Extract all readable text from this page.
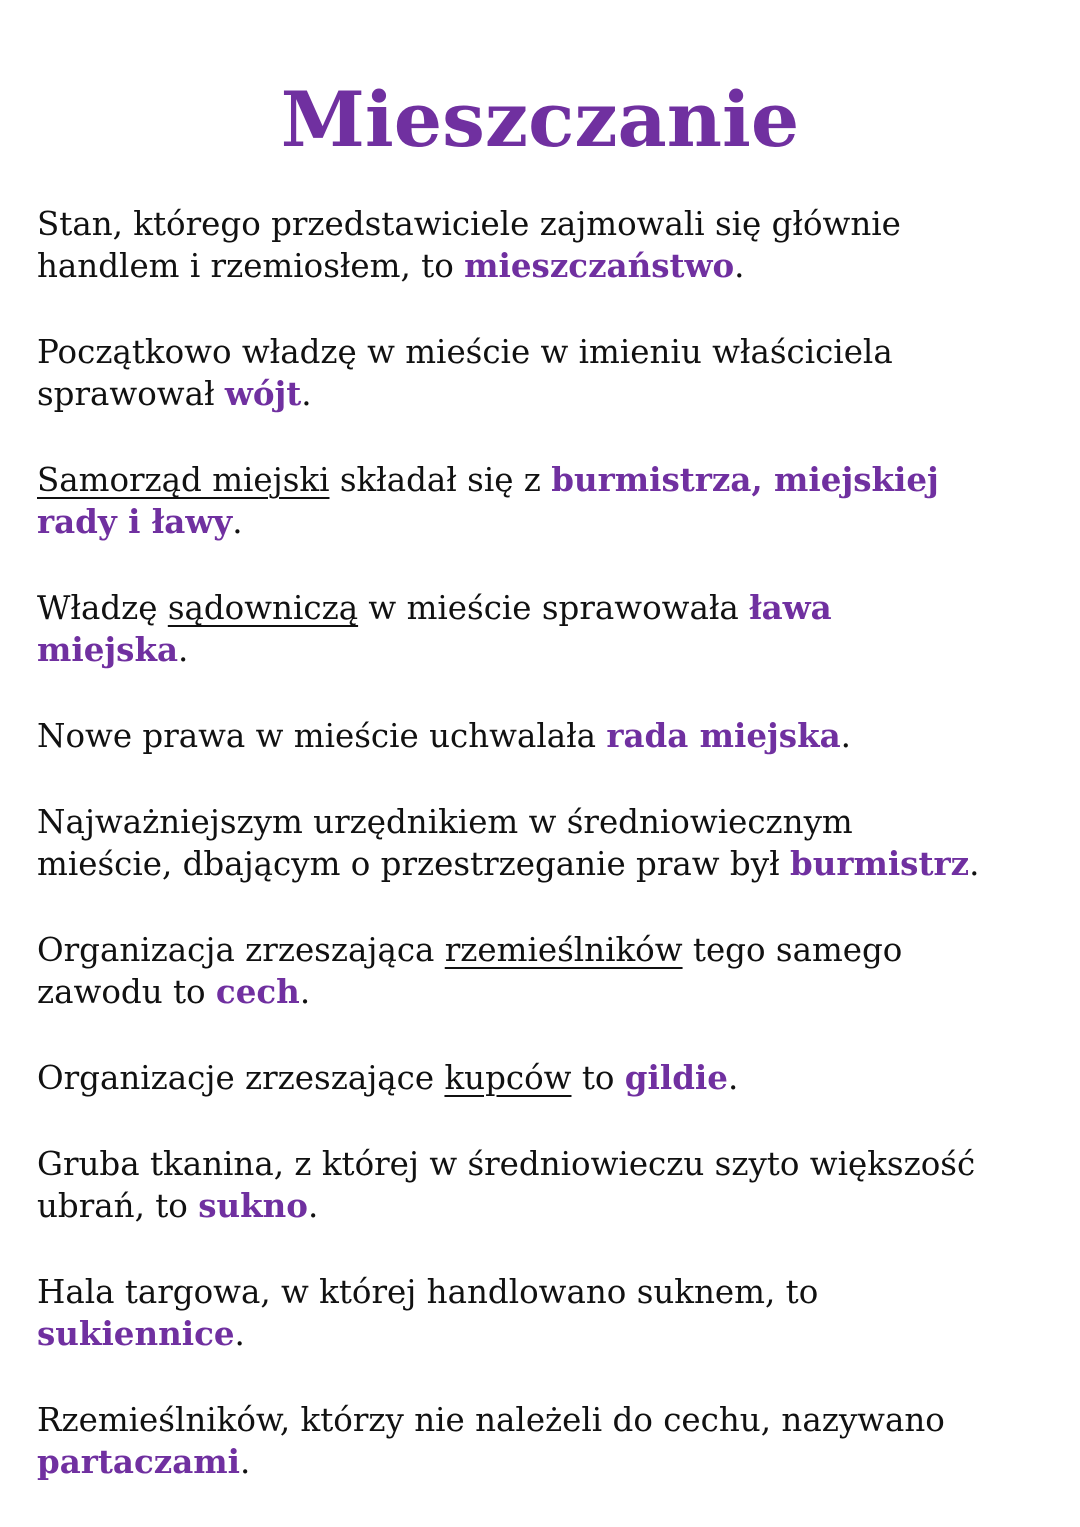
Mieszczanie

Stan, którego przedstawiciele zajmowali się głównie
handlem i rzemiosłem, to mieszczaństwo.

Początkowo władzę w mieście w imieniu właściciela
sprawował wójt.

Samorząd miejski składał się z burmistrza, miejskiej
rady i ławy.

Władzę sądowniczą w mieście sprawowała ława
miejska.

Nowe prawa w mieście uchwalała rada miejska.

Najważniejszym urzędnikiem w średniowiecznym
mieście, dbającym o przestrzeganie praw był burmistrz.

Organizacja zrzeszająca rzemieślników tego samego
zawodu to cech.

Organizacje zrzeszające kupców to gildie.

Gruba tkanina, z której w średniowieczu szyto większość
ubrań, to sukno.

Hala targowa, w której handlowano suknem, to
sukiennice.

Rzemieślników, którzy nie należeli do cechu, nazywano
partaczami.
